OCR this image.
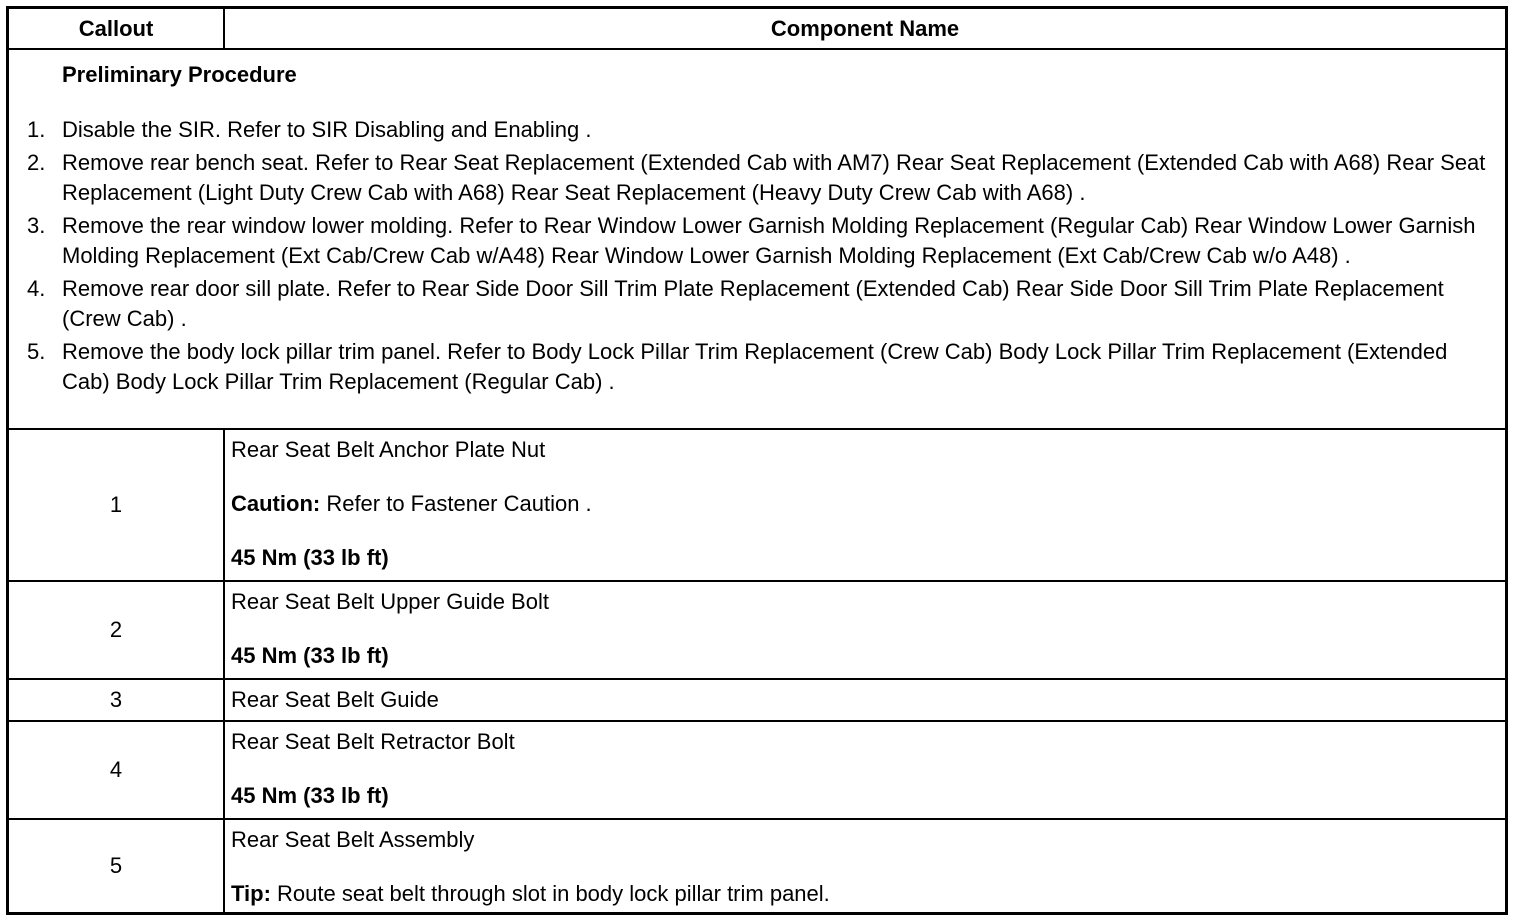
Callout	Component Name
Preliminary Procedure
1. Disable the SIR. Refer to SIR Disabling and Enabling .
2. Remove rear bench seat. Refer to Rear Seat Replacement (Extended Cab with AM7) Rear Seat Replacement (Extended Cab with A68) Rear Seat Replacement (Light Duty Crew Cab with A68) Rear Seat Replacement (Heavy Duty Crew Cab with A68) .
3. Remove the rear window lower molding. Refer to Rear Window Lower Garnish Molding Replacement (Regular Cab) Rear Window Lower Garnish Molding Replacement (Ext Cab/Crew Cab w/A48) Rear Window Lower Garnish Molding Replacement (Ext Cab/Crew Cab w/o A48) .
4. Remove rear door sill plate. Refer to Rear Side Door Sill Trim Plate Replacement (Extended Cab) Rear Side Door Sill Trim Plate Replacement (Crew Cab) .
5. Remove the body lock pillar trim panel. Refer to Body Lock Pillar Trim Replacement (Crew Cab) Body Lock Pillar Trim Replacement (Extended Cab) Body Lock Pillar Trim Replacement (Regular Cab) .
1

Rear Seat Belt Anchor Plate Nut

Caution: Refer to Fastener Caution .

45 Nm (33 lb ft)

2

Rear Seat Belt Upper Guide Bolt

45 Nm (33 lb ft)

3	Rear Seat Belt Guide

4

Rear Seat Belt Retractor Bolt

45 Nm (33 lb ft)

5

Rear Seat Belt Assembly

Tip: Route seat belt through slot in body lock pillar trim panel.
